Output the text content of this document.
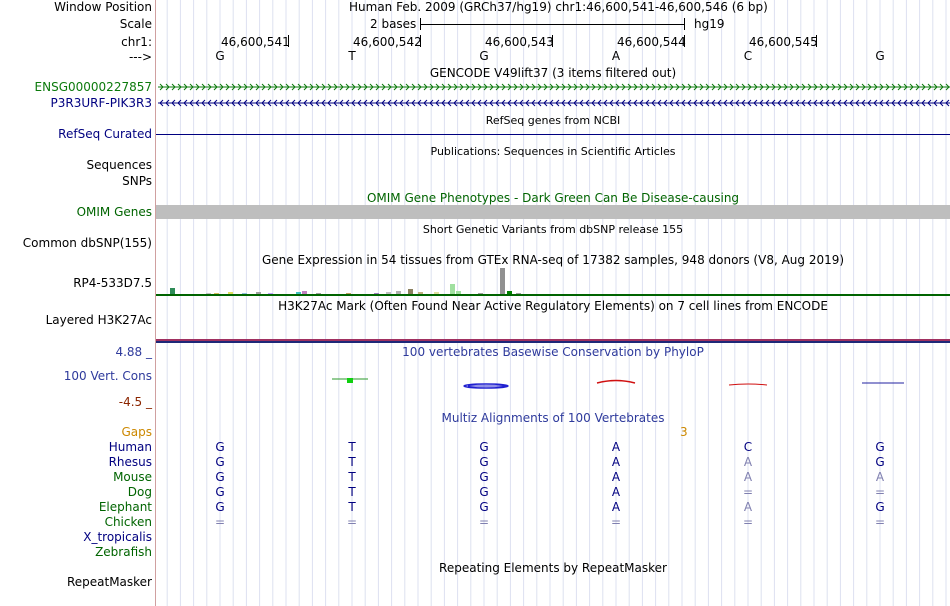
Window Position	Human Feb. 2009 (GRCh37/hg19) chr1:46,600,541-46,600,546 (6 bp)
Scale	2 bases	hg19
chr1:	46,600,541	46,600,542	46,600,543	46,600,544	46,600,545
--->	G	T	G	A	C	G
GENCODE V49lift37 (3 items filtered out)
ENSG00000227857
P3R3URF-PIK3R3
RefSeq genes from NCBI
RefSeq Curated
Publications: Sequences in Scientific Articles
Sequences
SNPs
OMIM Gene Phenotypes - Dark Green Can Be Disease-causing
OMIM Genes
Short Genetic Variants from dbSNP release 155
Common dbSNP(155)
Gene Expression in 54 tissues from GTEx RNA-seq of 17382 samples, 948 donors (V8, Aug 2019)
RP4-533D7.5
H3K27Ac Mark (Often Found Near Active Regulatory Elements) on 7 cell lines from ENCODE
Layered H3K27Ac
100 vertebrates Basewise Conservation by PhyloP
4.88 _
100 Vert. Cons
-4.5 _
Multiz Alignments of 100 Vertebrates
Gaps	3
Human	G	T	G	A	C	G
Rhesus	G	T	G	A	A	G
Mouse	G	T	G	A	A	A
Dog	G	T	G	A	=	=
Elephant	G	T	G	A	A	G
Chicken	=	=	=	=	=	=
X_tropicalis
Zebrafish
Repeating Elements by RepeatMasker
RepeatMasker
